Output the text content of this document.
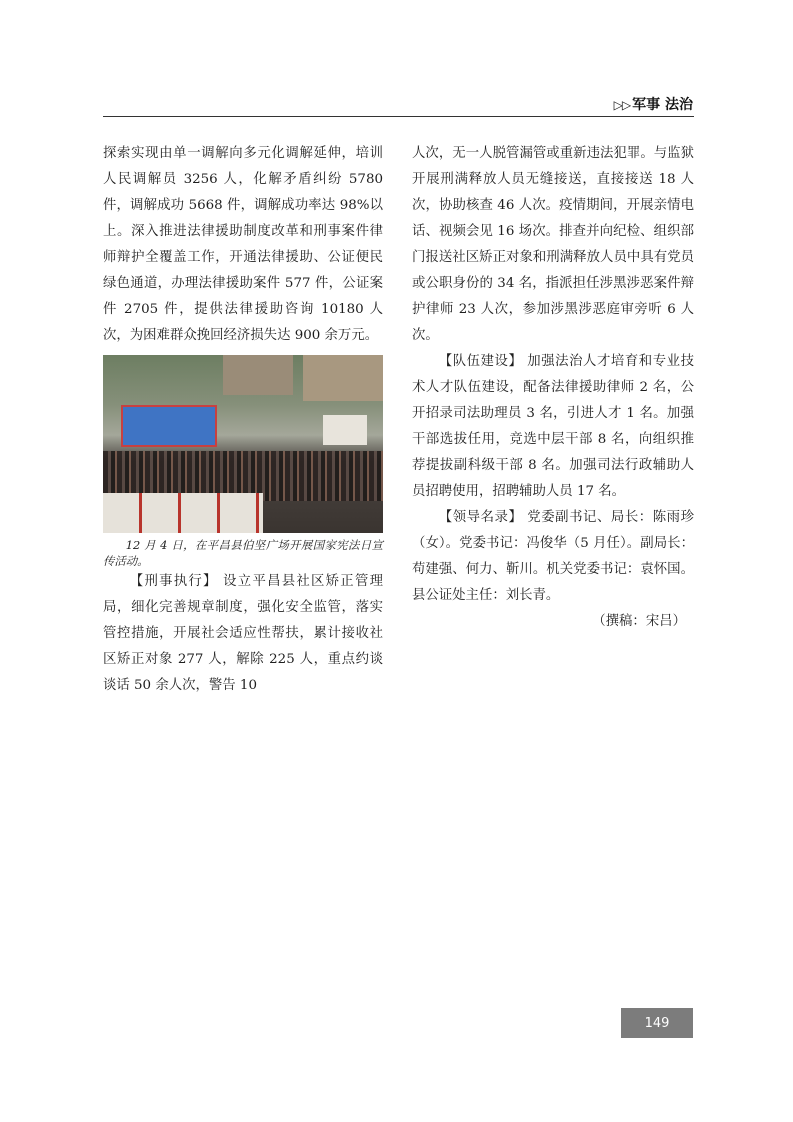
▷▷ 军事 法治

探索实现由单一调解向多元化调解延伸，培训人民调解员 3256 人，化解矛盾纠纷 5780 件，调解成功 5668 件，调解成功率达 98%以上。深入推进法律援助制度改革和刑事案件律师辩护全覆盖工作，开通法律援助、公证便民绿色通道，办理法律援助案件 577 件，公证案件 2705 件，提供法律援助咨询 10180 人次，为困难群众挽回经济损失达 900 余万元。

12 月 4 日，在平昌县伯坚广场开展国家宪法日宣传活动。

【刑事执行】 设立平昌县社区矫正管理局，细化完善规章制度，强化安全监管，落实管控措施，开展社会适应性帮扶，累计接收社区矫正对象 277 人，解除 225 人，重点约谈谈话 50 余人次，警告 10

人次，无一人脱管漏管或重新违法犯罪。与监狱开展刑满释放人员无缝接送，直接接送 18 人次，协助核查 46 人次。疫情期间，开展亲情电话、视频会见 16 场次。排查并向纪检、组织部门报送社区矫正对象和刑满释放人员中具有党员或公职身份的 34 名，指派担任涉黑涉恶案件辩护律师 23 人次，参加涉黑涉恶庭审旁听 6 人次。

【队伍建设】 加强法治人才培育和专业技术人才队伍建设，配备法律援助律师 2 名，公开招录司法助理员 3 名，引进人才 1 名。加强干部选拔任用，竞选中层干部 8 名，向组织推荐提拔副科级干部 8 名。加强司法行政辅助人员招聘使用，招聘辅助人员 17 名。

【领导名录】 党委副书记、局长：陈雨珍（女）。党委书记：冯俊华（5 月任）。副局长：苟建强、何力、靳川。机关党委书记：袁怀国。县公证处主任：刘长青。

（撰稿：宋吕）

149
